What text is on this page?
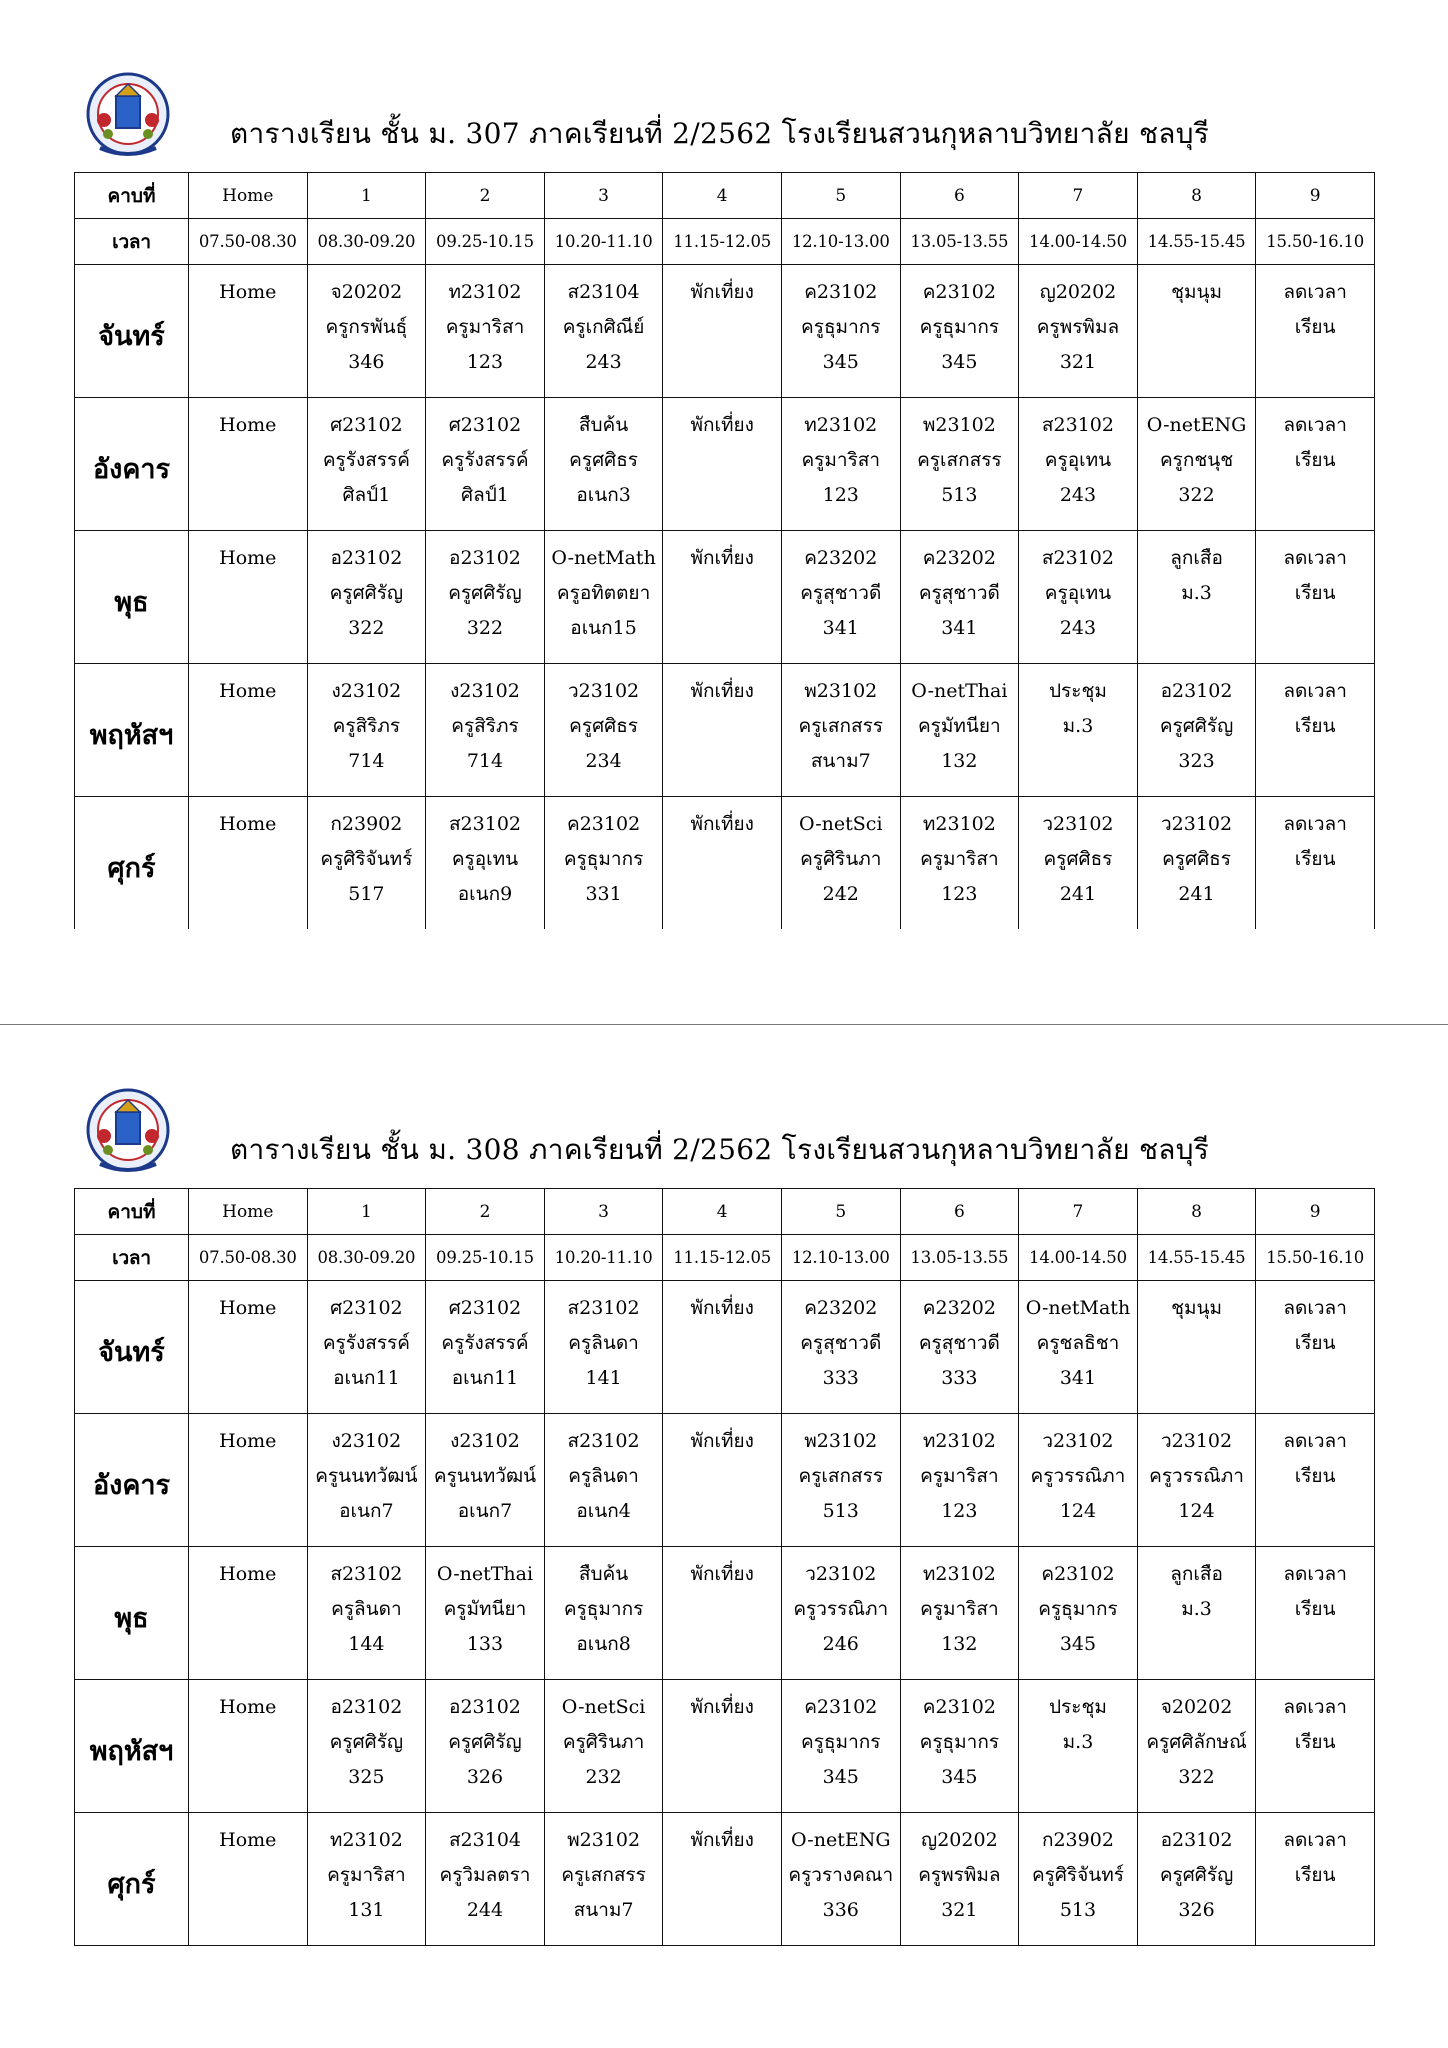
ตารางเรียน ชั้น ม. 307 ภาคเรียนที่ 2/2562 โรงเรียนสวนกุหลาบวิทยาลัย ชลบุรี
คาบที่	Home	1	2	3	4	5	6	7	8	9
เวลา	07.50-08.30	08.30-09.20	09.25-10.15	10.20-11.10	11.15-12.05	12.10-13.00	13.05-13.55	14.00-14.50	14.55-15.45	15.50-16.10
จันทร์	Home	จ20202
ครูกรพันธุ์
346	ท23102
ครูมาริสา
123	ส23104
ครูเกศิณีย์
243	พักเที่ยง	ค23102
ครูธุมากร
345	ค23102
ครูธุมากร
345	ญ20202
ครูพรพิมล
321	ชุมนุม	ลดเวลา
เรียน

อังคาร	Home	ศ23102
ครูรังสรรค์
ศิลป์1	ศ23102
ครูรังสรรค์
ศิลป์1	สืบค้น
ครูศศิธร
อเนก3	พักเที่ยง	ท23102
ครูมาริสา
123	พ23102
ครูเสกสรร
513	ส23102
ครูอุเทน
243	O-netENG
ครูกชนุช
322	ลดเวลา
เรียน

พุธ	Home	อ23102
ครูศศิรัญ
322	อ23102
ครูศศิรัญ
322	O-netMath
ครูอทิตตยา
อเนก15	พักเที่ยง	ค23202
ครูสุชาวดี
341	ค23202
ครูสุชาวดี
341	ส23102
ครูอุเทน
243	ลูกเสือ
ม.3	ลดเวลา
เรียน

พฤหัสฯ	Home	ง23102
ครูสิริภร
714	ง23102
ครูสิริภร
714	ว23102
ครูศศิธร
234	พักเที่ยง	พ23102
ครูเสกสรร
สนาม7	O-netThai
ครูมัทนียา
132	ประชุม
ม.3	อ23102
ครูศศิรัญ
323	ลดเวลา
เรียน

ศุกร์	Home	ก23902
ครูศิริจันทร์
517	ส23102
ครูอุเทน
อเนก9	ค23102
ครูธุมากร
331	พักเที่ยง	O-netSci
ครูศิรินภา
242	ท23102
ครูมาริสา
123	ว23102
ครูศศิธร
241	ว23102
ครูศศิธร
241	ลดเวลา
เรียน
ตารางเรียน ชั้น ม. 308 ภาคเรียนที่ 2/2562 โรงเรียนสวนกุหลาบวิทยาลัย ชลบุรี
คาบที่	Home	1	2	3	4	5	6	7	8	9
เวลา	07.50-08.30	08.30-09.20	09.25-10.15	10.20-11.10	11.15-12.05	12.10-13.00	13.05-13.55	14.00-14.50	14.55-15.45	15.50-16.10
จันทร์	Home	ศ23102
ครูรังสรรค์
อเนก11	ศ23102
ครูรังสรรค์
อเนก11	ส23102
ครูลินดา
141	พักเที่ยง	ค23202
ครูสุชาวดี
333	ค23202
ครูสุชาวดี
333	O-netMath
ครูชลธิชา
341	ชุมนุม	ลดเวลา
เรียน

อังคาร	Home	ง23102
ครูนนทวัฒน์
อเนก7	ง23102
ครูนนทวัฒน์
อเนก7	ส23102
ครูลินดา
อเนก4	พักเที่ยง	พ23102
ครูเสกสรร
513	ท23102
ครูมาริสา
123	ว23102
ครูวรรณิภา
124	ว23102
ครูวรรณิภา
124	ลดเวลา
เรียน

พุธ	Home	ส23102
ครูลินดา
144	O-netThai
ครูมัทนียา
133	สืบค้น
ครูธุมากร
อเนก8	พักเที่ยง	ว23102
ครูวรรณิภา
246	ท23102
ครูมาริสา
132	ค23102
ครูธุมากร
345	ลูกเสือ
ม.3	ลดเวลา
เรียน

พฤหัสฯ	Home	อ23102
ครูศศิรัญ
325	อ23102
ครูศศิรัญ
326	O-netSci
ครูศิรินภา
232	พักเที่ยง	ค23102
ครูธุมากร
345	ค23102
ครูธุมากร
345	ประชุม
ม.3	จ20202
ครูศศิลักษณ์
322	ลดเวลา
เรียน

ศุกร์	Home	ท23102
ครูมาริสา
131	ส23104
ครูวิมลตรา
244	พ23102
ครูเสกสรร
สนาม7	พักเที่ยง	O-netENG
ครูวรางคณา
336	ญ20202
ครูพรพิมล
321	ก23902
ครูศิริจันทร์
513	อ23102
ครูศศิรัญ
326	ลดเวลา
เรียน
